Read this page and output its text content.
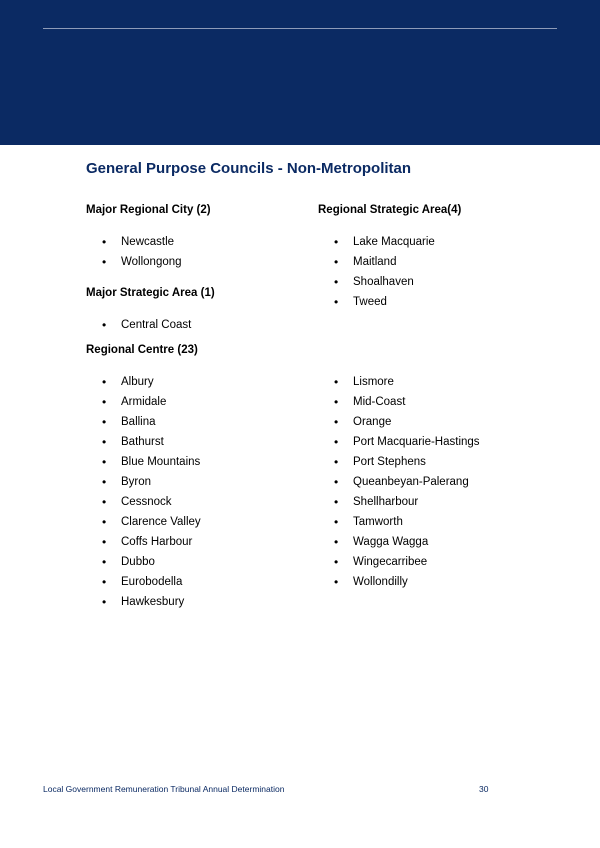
General Purpose Councils - Non-Metropolitan
Major Regional City (2)
• Newcastle
• Wollongong
Regional Strategic Area(4)
• Lake Macquarie
• Maitland
• Shoalhaven
• Tweed
Major Strategic Area (1)
• Central Coast
Regional Centre (23)
• Albury
• Armidale
• Ballina
• Bathurst
• Blue Mountains
• Byron
• Cessnock
• Clarence Valley
• Coffs Harbour
• Dubbo
• Eurobodella
• Hawkesbury
• Lismore
• Mid-Coast
• Orange
• Port Macquarie-Hastings
• Port Stephens
• Queanbeyan-Palerang
• Shellharbour
• Tamworth
• Wagga Wagga
• Wingecarribee
• Wollondilly
Local Government Remuneration Tribunal Annual Determination	30
